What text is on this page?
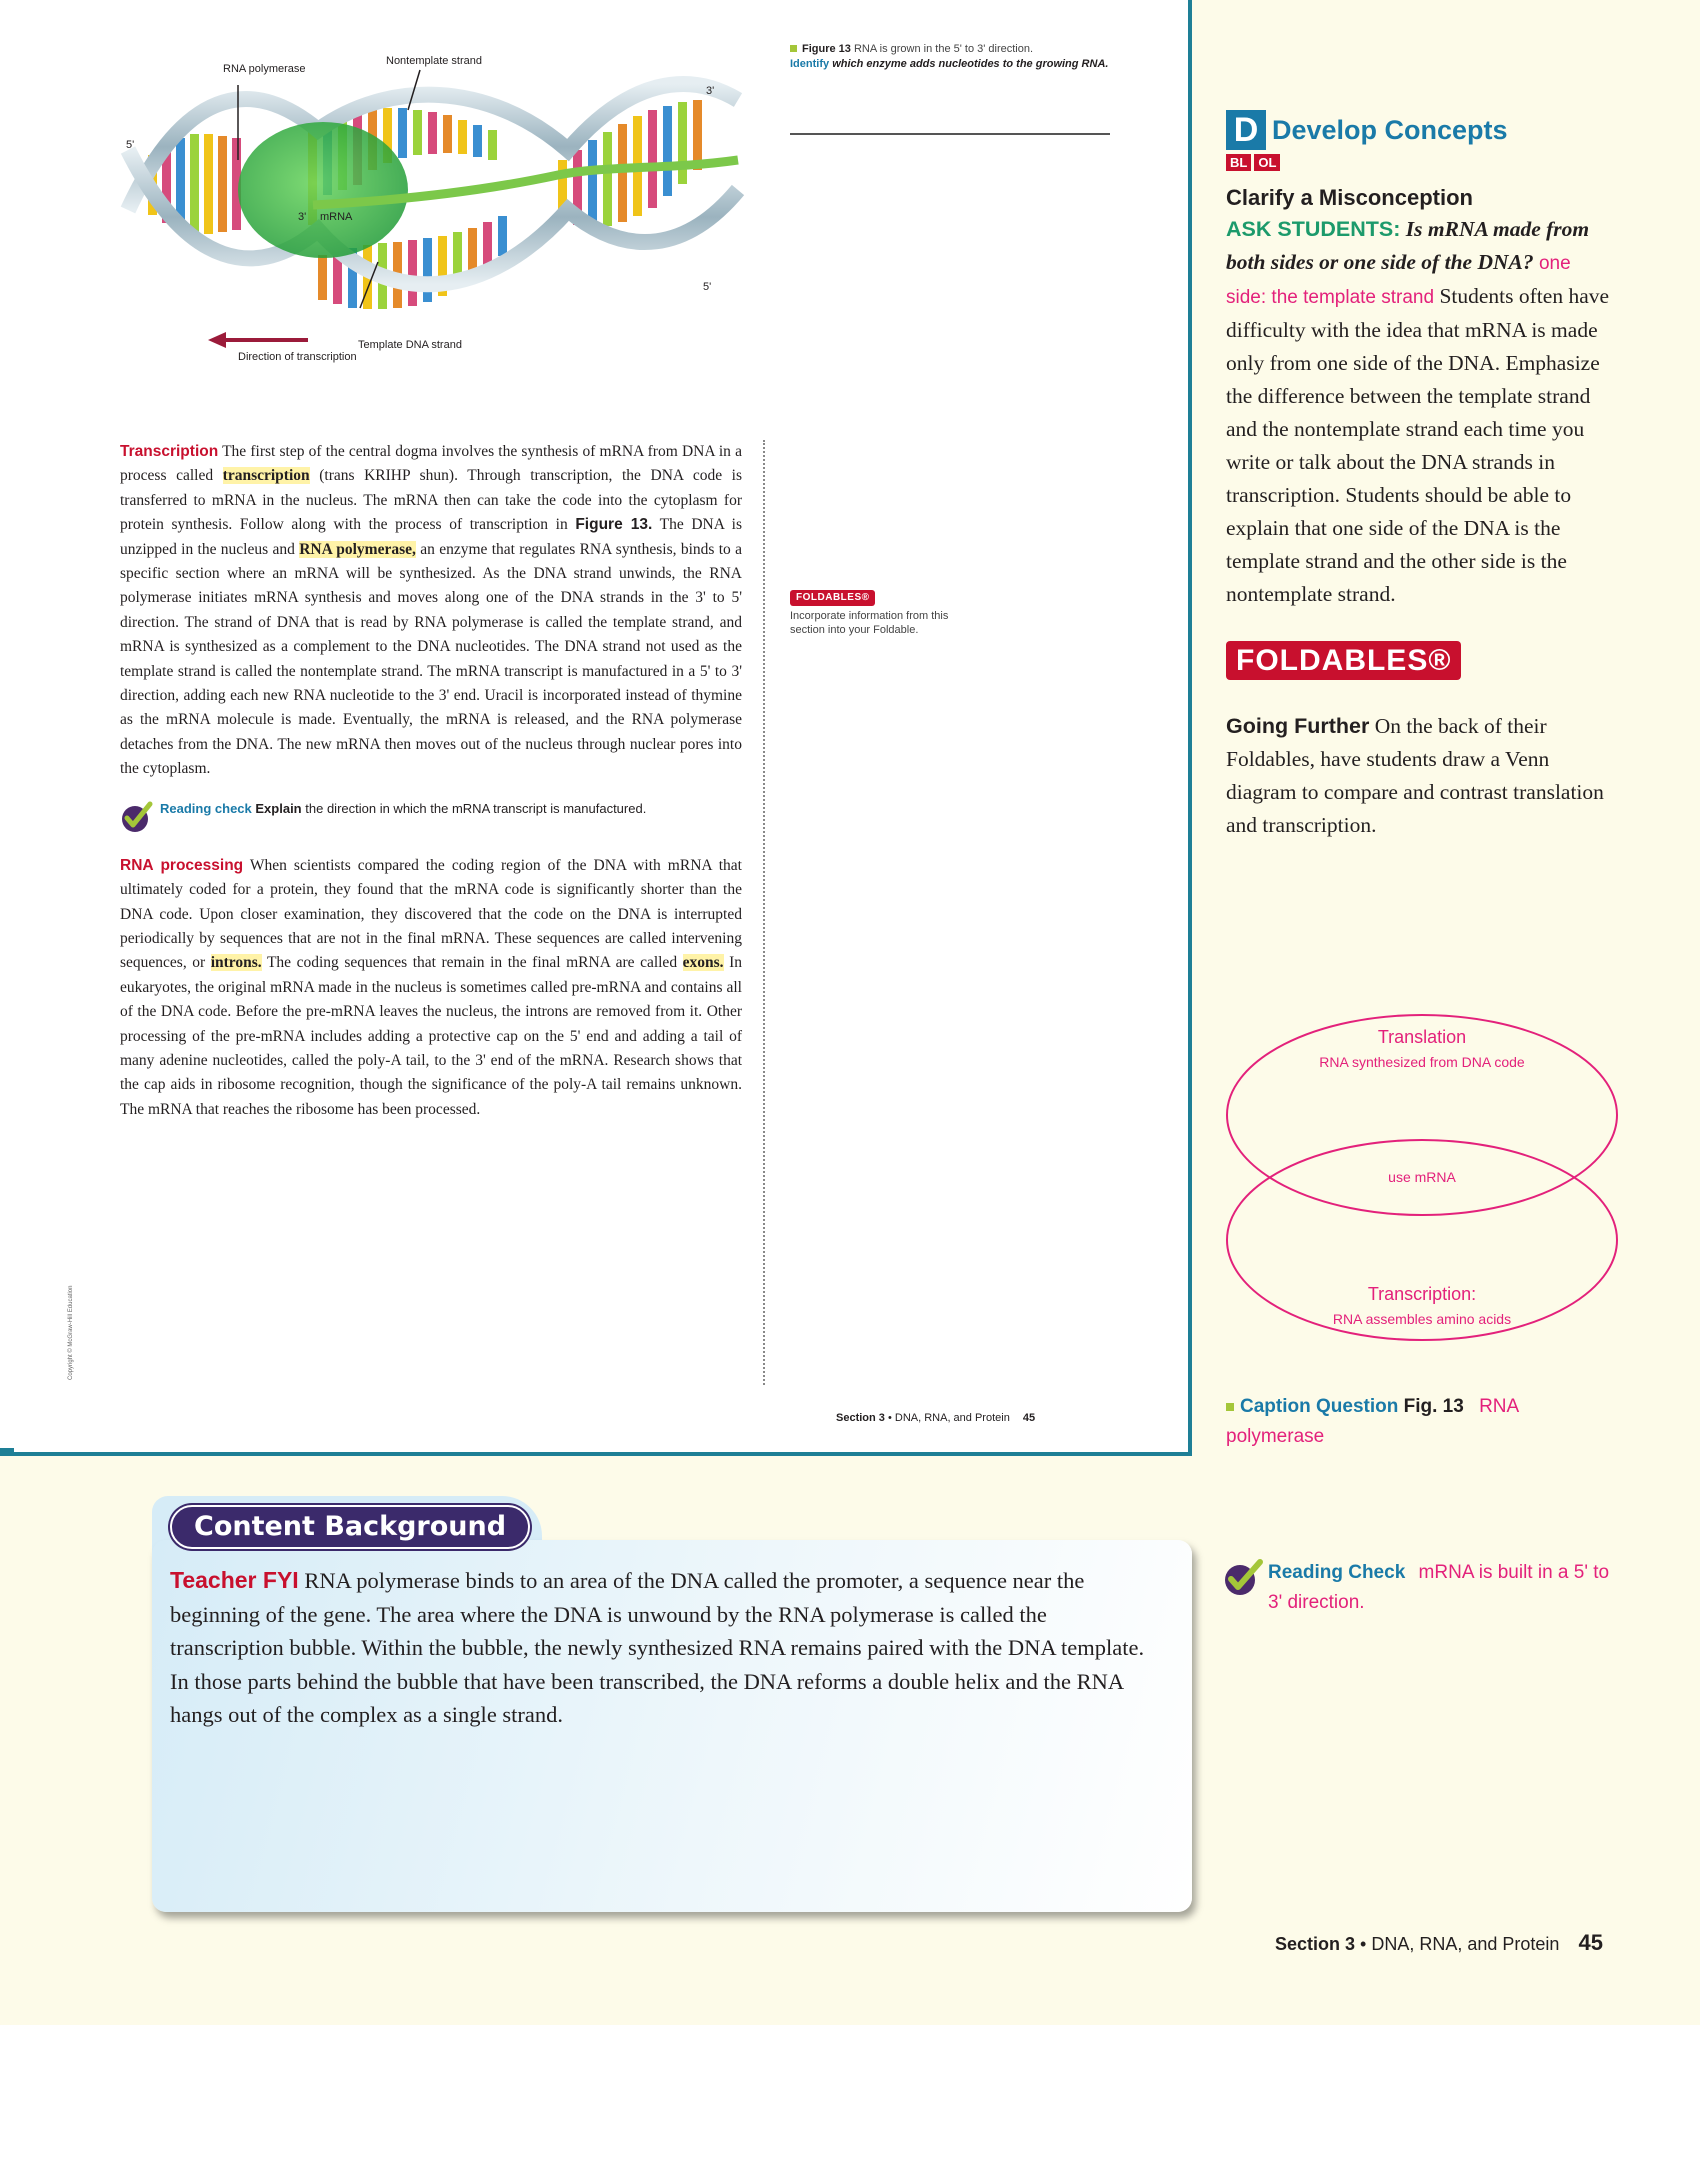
RNA polymerase
Nontemplate strand
5'
3'
3' mRNA
5'
Direction of transcription
Template DNA strand
Figure 13 RNA is grown in the 5' to 3' direction.
Identify which enzyme adds nucleotides to the growing RNA.

Transcription The first step of the central dogma involves the synthesis of mRNA from DNA in a process called transcription (trans KRIHP shun). Through transcription, the DNA code is transferred to mRNA in the nucleus. The mRNA then can take the code into the cytoplasm for protein synthesis. Follow along with the process of transcription in Figure 13. The DNA is unzipped in the nucleus and RNA polymerase, an enzyme that regulates RNA synthesis, binds to a specific section where an mRNA will be synthesized. As the DNA strand unwinds, the RNA polymerase initiates mRNA synthesis and moves along one of the DNA strands in the 3' to 5' direction. The strand of DNA that is read by RNA polymerase is called the template strand, and mRNA is synthesized as a complement to the DNA nucleotides. The DNA strand not used as the template strand is called the nontemplate strand. The mRNA transcript is manufactured in a 5' to 3' direction, adding each new RNA nucleotide to the 3' end. Uracil is incorporated instead of thymine as the mRNA molecule is made. Eventually, the mRNA is released, and the RNA polymerase detaches from the DNA. The new mRNA then moves out of the nucleus through nuclear pores into the cytoplasm.

Reading check Explain the direction in which the mRNA transcript is manufactured.

RNA processing When scientists compared the coding region of the DNA with mRNA that ultimately coded for a protein, they found that the mRNA code is significantly shorter than the DNA code. Upon closer examination, they discovered that the code on the DNA is interrupted periodically by sequences that are not in the final mRNA. These sequences are called intervening sequences, or introns. The coding sequences that remain in the final mRNA are called exons. In eukaryotes, the original mRNA made in the nucleus is sometimes called pre-mRNA and contains all of the DNA code. Before the pre-mRNA leaves the nucleus, the introns are removed from it. Other processing of the pre-mRNA includes adding a protective cap on the 5' end and adding a tail of many adenine nucleotides, called the poly-A tail, to the 3' end of the mRNA. Research shows that the cap aids in ribosome recognition, though the significance of the poly-A tail remains unknown. The mRNA that reaches the ribosome has been processed.

FOLDABLES®
Incorporate information from this section into your Foldable.
Copyright © McGraw-Hill Education
Section 3 • DNA, RNA, and Protein 45
D Develop Concepts
BL OL
Clarify a Misconception
ASK STUDENTS: Is mRNA made from both sides or one side of the DNA? one side: the template strand Students often have difficulty with the idea that mRNA is made only from one side of the DNA. Emphasize the difference between the template strand and the nontemplate strand each time you write or talk about the DNA strands in transcription. Students should be able to explain that one side of the DNA is the template strand and the other side is the nontemplate strand.
FOLDABLES®
Going Further On the back of their Foldables, have students draw a Venn diagram to compare and contrast translation and transcription.
Translation
RNA synthesized from DNA code
use mRNA
Transcription:
RNA assembles amino acids
Caption Question Fig. 13 RNA polymerase
Content Background
Teacher FYI RNA polymerase binds to an area of the DNA called the promoter, a sequence near the beginning of the gene. The area where the DNA is unwound by the RNA polymerase is called the transcription bubble. Within the bubble, the newly synthesized RNA remains paired with the DNA template. In those parts behind the bubble that have been transcribed, the DNA reforms a double helix and the RNA hangs out of the complex as a single strand.
Reading Check mRNA is built in a 5' to 3' direction.
Section 3 • DNA, RNA, and Protein 45
